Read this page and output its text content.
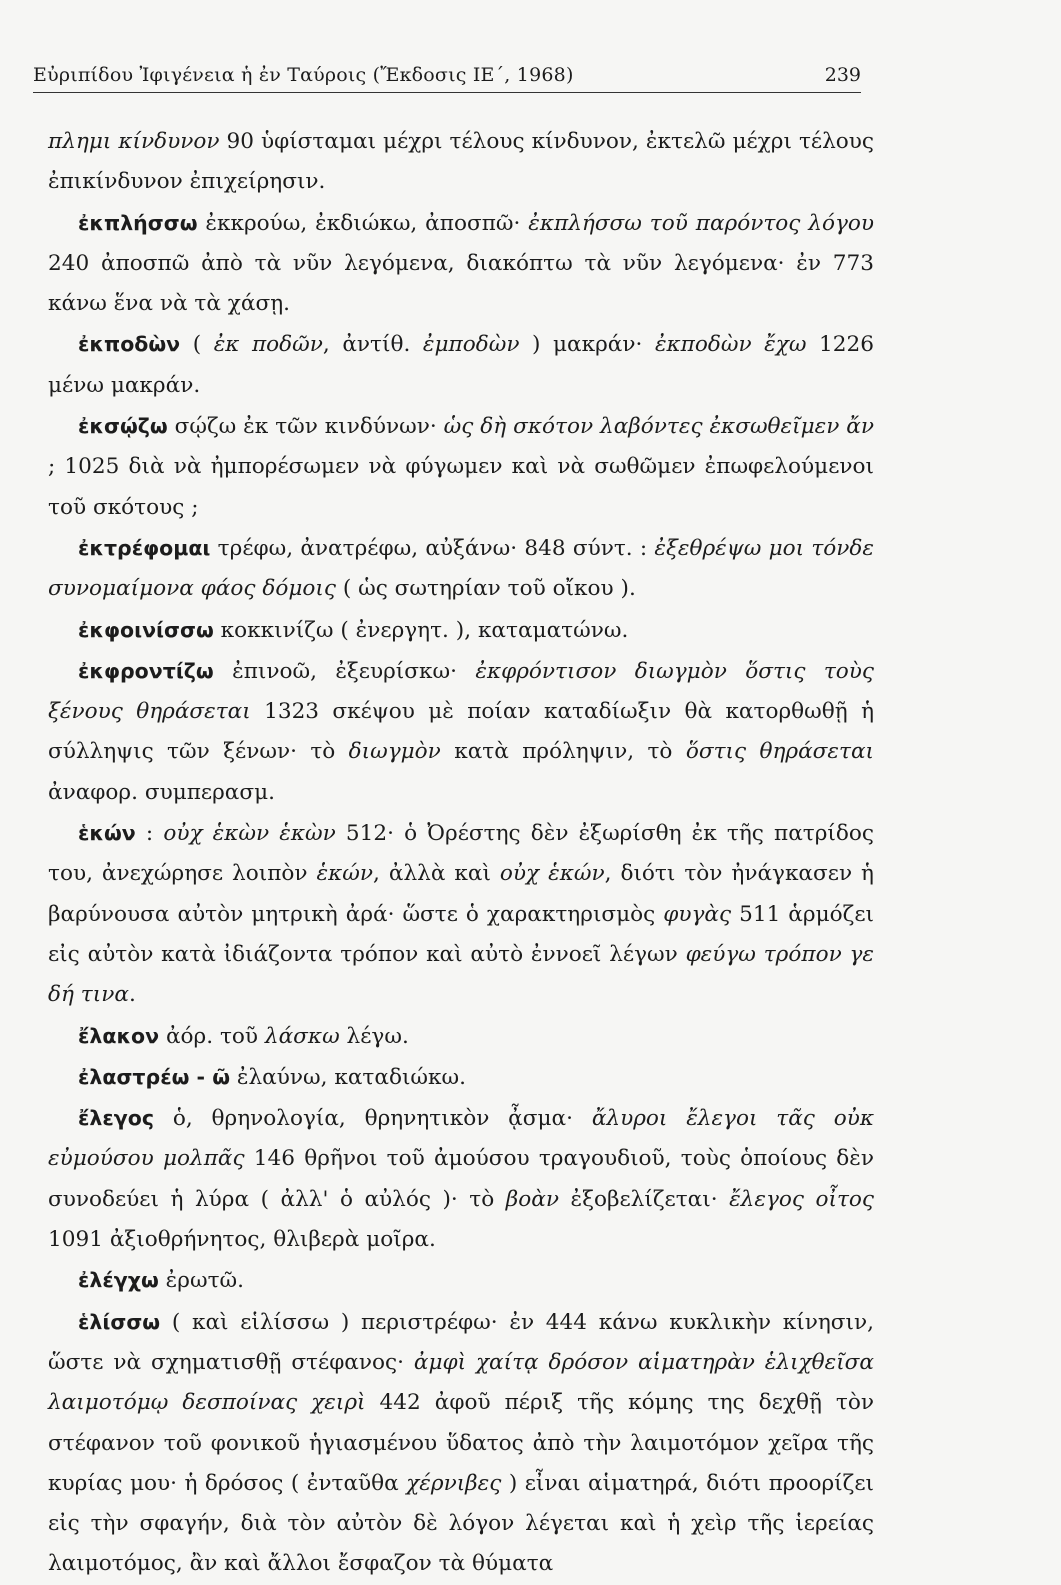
Εὐριπίδου Ἰφιγένεια ἡ ἐν Ταύροις (Ἔκδοσις ΙΕ΄, 1968)	239

πλημι κίνδυνον 90 ὑφίσταμαι μέχρι τέλους κίνδυνον, ἐκτελῶ μέχρι τέλους ἐπικίνδυνον ἐπιχείρησιν.

ἐκπλήσσω ἐκκρούω, ἐκδιώκω, ἀποσπῶ· ἐκπλήσσω τοῦ παρόντος λόγου 240 ἀποσπῶ ἀπὸ τὰ νῦν λεγόμενα, διακόπτω τὰ νῦν λεγόμενα· ἐν 773 κάνω ἕνα νὰ τὰ χάσῃ.

ἐκποδὼν ( ἐκ ποδῶν, ἀντίθ. ἐμποδὼν ) μακράν· ἐκποδὼν ἔχω 1226 μένω μακράν.

ἐκσῴζω σῴζω ἐκ τῶν κινδύνων· ὡς δὴ σκότον λαβόντες ἐκσωθεῖμεν ἄν ; 1025 διὰ νὰ ἠμπορέσωμεν νὰ φύγωμεν καὶ νὰ σωθῶμεν ἐπωφελούμενοι τοῦ σκότους ;

ἐκτρέφομαι τρέφω, ἀνατρέφω, αὐξάνω· 848 σύντ. : ἐξεθρέψω μοι τόνδε συνομαίμονα φάος δόμοις ( ὡς σωτηρίαν τοῦ οἴκου ).

ἐκφοινίσσω κοκκινίζω ( ἐνεργητ. ), καταματώνω.

ἐκφροντίζω ἐπινοῶ, ἐξευρίσκω· ἐκφρόντισον διωγμὸν ὅστις τοὺς ξένους θηράσεται 1323 σκέψου μὲ ποίαν καταδίωξιν θὰ κατορθωθῇ ἡ σύλληψις τῶν ξένων· τὸ διωγμὸν κατὰ πρόληψιν, τὸ ὅστις θηράσεται ἀναφορ. συμπερασμ.

ἑκών : οὐχ ἑκὼν ἑκὼν 512· ὁ Ὀρέστης δὲν ἐξωρίσθη ἐκ τῆς πατρίδος του, ἀνεχώρησε λοιπὸν ἑκών, ἀλλὰ καὶ οὐχ ἑκών, διότι τὸν ἠνάγκασεν ἡ βαρύνουσα αὐτὸν μητρικὴ ἀρά· ὥστε ὁ χαρακτηρισμὸς φυγὰς 511 ἁρμόζει εἰς αὐτὸν κατὰ ἰδιάζοντα τρόπον καὶ αὐτὸ ἐννοεῖ λέγων φεύγω τρόπον γε δή τινα.

ἔλακον ἀόρ. τοῦ λάσκω λέγω.

ἐλαστρέω - ῶ ἐλαύνω, καταδιώκω.

ἔλεγος ὁ, θρηνολογία, θρηνητικὸν ᾆσμα· ἄλυροι ἔλεγοι τᾶς οὐκ εὐμούσου μολπᾶς 146 θρῆνοι τοῦ ἀμούσου τραγουδιοῦ, τοὺς ὁποίους δὲν συνοδεύει ἡ λύρα ( ἀλλ' ὁ αὐλός )· τὸ βοὰν ἐξοβελίζεται· ἔλεγος οἶτος 1091 ἀξιοθρήνητος, θλιβερὰ μοῖρα.

ἐλέγχω ἐρωτῶ.

ἑλίσσω ( καὶ εἱλίσσω ) περιστρέφω· ἐν 444 κάνω κυκλικὴν κίνησιν, ὥστε νὰ σχηματισθῇ στέφανος· ἀμφὶ χαίτᾳ δρόσον αἱματηρὰν ἑλιχθεῖσα λαιμοτόμῳ δεσποίνας χειρὶ 442 ἀφοῦ πέριξ τῆς κόμης της δεχθῇ τὸν στέφανον τοῦ φονικοῦ ἡγιασμένου ὕδατος ἀπὸ τὴν λαιμοτόμον χεῖρα τῆς κυρίας μου· ἡ δρόσος ( ἐνταῦθα χέρνιβες ) εἶναι αἱματηρά, διότι προορίζει εἰς τὴν σφαγήν, διὰ τὸν αὐτὸν δὲ λόγον λέγεται καὶ ἡ χεὶρ τῆς ἱερείας λαιμοτόμος, ἂν καὶ ἄλλοι ἔσφαζον τὰ θύματα
